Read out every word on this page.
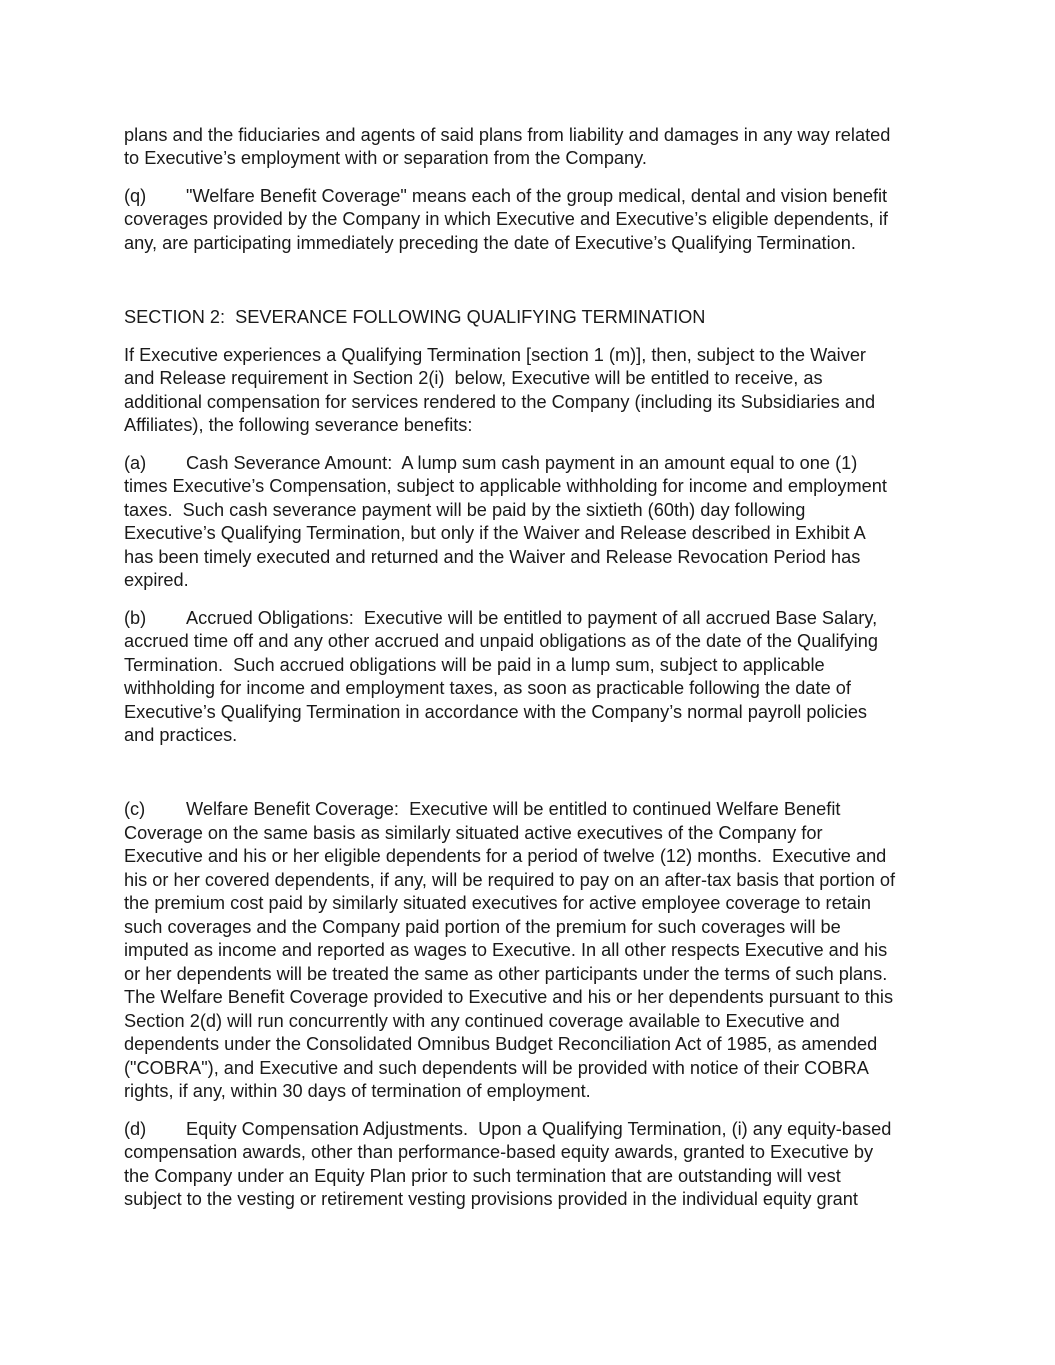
plans and the fiduciaries and agents of said plans from liability and damages in any way related
to Executive’s employment with or separation from the Company.
(q) "Welfare Benefit Coverage" means each of the group medical, dental and vision benefit
coverages provided by the Company in which Executive and Executive’s eligible dependents, if
any, are participating immediately preceding the date of Executive’s Qualifying Termination.
SECTION 2:  SEVERANCE FOLLOWING QUALIFYING TERMINATION
If Executive experiences a Qualifying Termination [section 1 (m)], then, subject to the Waiver
and Release requirement in Section 2(i)  below, Executive will be entitled to receive, as
additional compensation for services rendered to the Company (including its Subsidiaries and
Affiliates), the following severance benefits:
(a) Cash Severance Amount:  A lump sum cash payment in an amount equal to one (1)
times Executive’s Compensation, subject to applicable withholding for income and employment
taxes.  Such cash severance payment will be paid by the sixtieth (60th) day following
Executive’s Qualifying Termination, but only if the Waiver and Release described in Exhibit A
has been timely executed and returned and the Waiver and Release Revocation Period has
expired.
(b) Accrued Obligations:  Executive will be entitled to payment of all accrued Base Salary,
accrued time off and any other accrued and unpaid obligations as of the date of the Qualifying
Termination.  Such accrued obligations will be paid in a lump sum, subject to applicable
withholding for income and employment taxes, as soon as practicable following the date of
Executive’s Qualifying Termination in accordance with the Company’s normal payroll policies
and practices.
(c) Welfare Benefit Coverage:  Executive will be entitled to continued Welfare Benefit
Coverage on the same basis as similarly situated active executives of the Company for
Executive and his or her eligible dependents for a period of twelve (12) months.  Executive and
his or her covered dependents, if any, will be required to pay on an after-tax basis that portion of
the premium cost paid by similarly situated executives for active employee coverage to retain
such coverages and the Company paid portion of the premium for such coverages will be
imputed as income and reported as wages to Executive. In all other respects Executive and his
or her dependents will be treated the same as other participants under the terms of such plans.
The Welfare Benefit Coverage provided to Executive and his or her dependents pursuant to this
Section 2(d) will run concurrently with any continued coverage available to Executive and
dependents under the Consolidated Omnibus Budget Reconciliation Act of 1985, as amended
("COBRA"), and Executive and such dependents will be provided with notice of their COBRA
rights, if any, within 30 days of termination of employment.
(d) Equity Compensation Adjustments.  Upon a Qualifying Termination, (i) any equity-based
compensation awards, other than performance-based equity awards, granted to Executive by
the Company under an Equity Plan prior to such termination that are outstanding will vest
subject to the vesting or retirement vesting provisions provided in the individual equity grant
